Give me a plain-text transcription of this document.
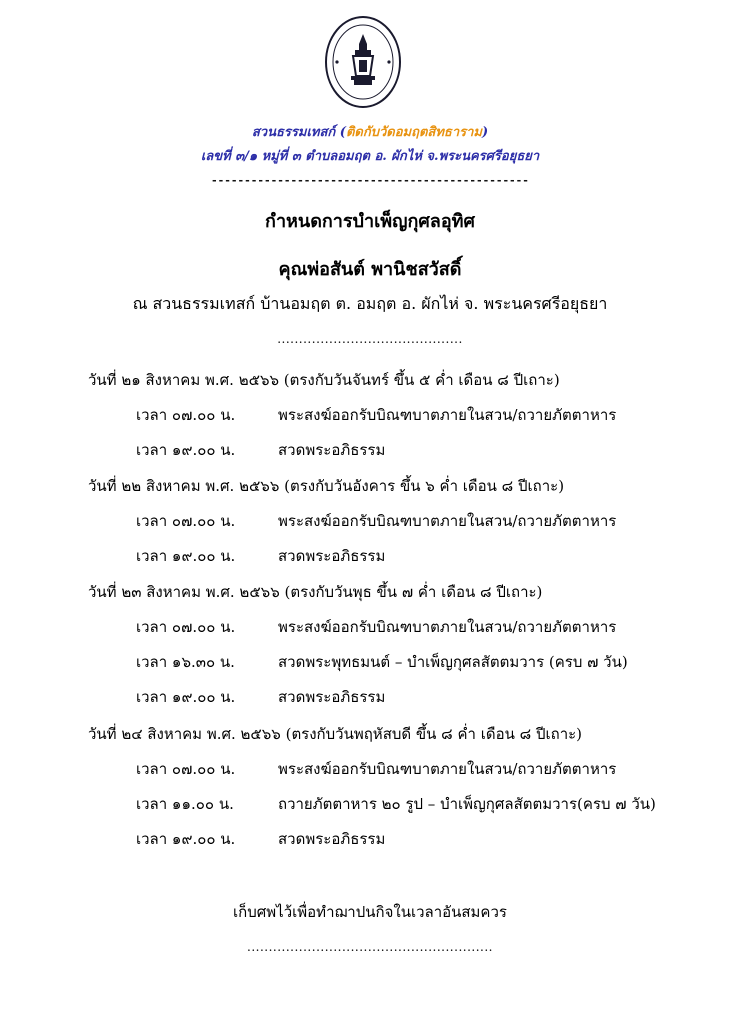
สวนธรรมเทสก์ (ติดกับวัดอมฤตสิทธาราม)
เลขที่ ๓/๑ หมู่ที่ ๓ ตำบลอมฤต อ. ผักไห่ จ.พระนครศรีอยุธยา
------------------------------------------------
กำหนดการบำเพ็ญกุศลอุทิศ
คุณพ่อสันต์ พานิชสวัสดิ์
ณ สวนธรรมเทสก์ บ้านอมฤต ต. อมฤต อ. ผักไห่ จ. พระนครศรีอยุธยา
...........................................
วันที่ ๒๑ สิงหาคม พ.ศ. ๒๕๖๖ (ตรงกับวันจันทร์ ขึ้น ๕ ค่ำ เดือน ๘ ปีเถาะ)
เวลา ๐๗.๐๐ น.	พระสงฆ์ออกรับบิณฑบาตภายในสวน/ถวายภัตตาหาร
เวลา ๑๙.๐๐ น.	สวดพระอภิธรรม
วันที่ ๒๒ สิงหาคม พ.ศ. ๒๕๖๖ (ตรงกับวันอังคาร ขึ้น ๖ ค่ำ เดือน ๘ ปีเถาะ)
เวลา ๐๗.๐๐ น.	พระสงฆ์ออกรับบิณฑบาตภายในสวน/ถวายภัตตาหาร
เวลา ๑๙.๐๐ น.	สวดพระอภิธรรม
วันที่ ๒๓ สิงหาคม พ.ศ. ๒๕๖๖ (ตรงกับวันพุธ ขึ้น ๗ ค่ำ เดือน ๘ ปีเถาะ)
เวลา ๐๗.๐๐ น.	พระสงฆ์ออกรับบิณฑบาตภายในสวน/ถวายภัตตาหาร
เวลา ๑๖.๓๐ น.	สวดพระพุทธมนต์ – บำเพ็ญกุศลสัตตมวาร (ครบ ๗ วัน)
เวลา ๑๙.๐๐ น.	สวดพระอภิธรรม
วันที่ ๒๔ สิงหาคม พ.ศ. ๒๕๖๖ (ตรงกับวันพฤหัสบดี ขึ้น ๘ ค่ำ เดือน ๘ ปีเถาะ)
เวลา ๐๗.๐๐ น.	พระสงฆ์ออกรับบิณฑบาตภายในสวน/ถวายภัตตาหาร
เวลา ๑๑.๐๐ น.	ถวายภัตตาหาร ๒๐ รูป – บำเพ็ญกุศลสัตตมวาร(ครบ ๗ วัน)
เวลา ๑๙.๐๐ น.	สวดพระอภิธรรม
เก็บศพไว้เพื่อทำฌาปนกิจในเวลาอันสมควร
.........................................................
